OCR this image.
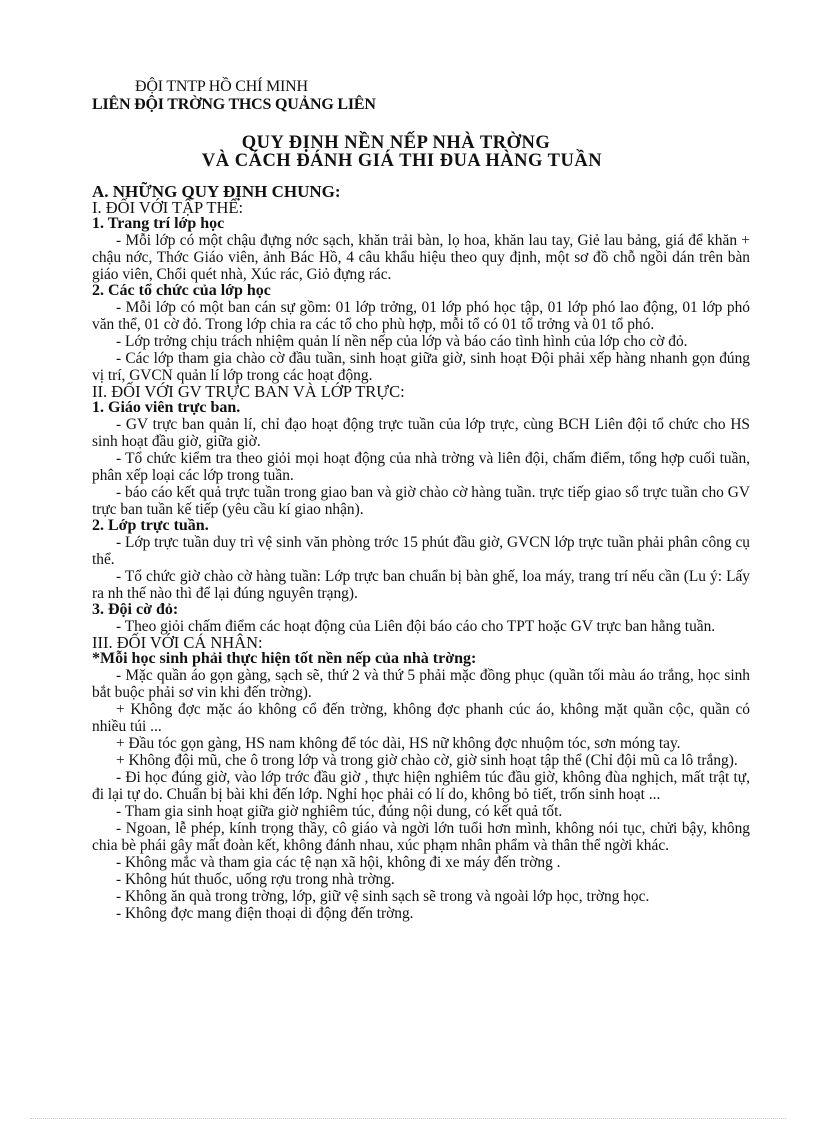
ĐỘI TNTP HỒ CHÍ MINH
LIÊN ĐỘI TRỜNG THCS QUẢNG LIÊN
QUY ĐỊNH NỀN NẾP NHÀ TRỜNG
VÀ CÁCH ĐÁNH GIÁ THI ĐUA HÀNG TUẦN
A. NHỮNG QUY ĐỊNH CHUNG:
I. ĐỐI VỚI TẬP THỂ:
1. Trang trí lớp học

- Mỗi lớp có một chậu đựng nớc sạch, khăn trải bàn, lọ hoa, khăn lau tay, Giẻ lau bảng, giá để khăn + chậu nớc, Thớc Giáo viên, ảnh Bác Hồ, 4 câu khẩu hiệu theo quy định, một sơ đồ chỗ ngồi dán trên bàn giáo viên, Chổi quét nhà, Xúc rác, Giỏ đựng rác.

2. Các tổ chức của lớp học

- Mỗi lớp có một ban cán sự gồm: 01 lớp trởng, 01 lớp phó học tập, 01 lớp phó lao động, 01 lớp phó văn thể, 01 cờ đỏ. Trong lớp chia ra các tổ cho phù hợp, mỗi tổ có 01 tổ trởng và 01 tổ phó.

- Lớp trởng chịu trách nhiệm quản lí nền nếp của lớp và báo cáo tình hình của lớp cho cờ đỏ.

- Các lớp tham gia chào cờ đầu tuần, sinh hoạt giữa giờ, sinh hoạt Đội phải xếp hàng nhanh gọn đúng vị trí, GVCN quản lí lớp trong các hoạt động.

II. ĐỐI VỚI GV TRỰC BAN VÀ LỚP TRỰC:
1. Giáo viên trực ban.

- GV trực ban quản lí, chỉ đạo hoạt động trực tuần của lớp trực, cùng BCH Liên đội tổ chức cho HS sinh hoạt đầu giờ, giữa giờ.

- Tổ chức kiểm tra theo giỏi mọi hoạt động của nhà trờng và liên đội, chấm điểm, tổng hợp cuối tuần, phân xếp loại các lớp trong tuần.

- báo cáo kết quả trực tuần trong giao ban và giờ chào cờ hàng tuần. trực tiếp giao sổ trực tuần cho GV trực ban tuần kế tiếp (yêu cầu kí giao nhận).

2. Lớp trực tuần.

- Lớp trực tuần duy trì vệ sinh văn phòng trớc 15 phút đầu giờ, GVCN lớp trực tuần phải phân công cụ thể.

- Tổ chức giờ chào cờ hàng tuần: Lớp trực ban chuẩn bị bàn ghế, loa máy, trang trí nếu cần (Lu ý: Lấy ra nh thế nào thì để lại đúng nguyên trạng).

3. Đội cờ đỏ:

- Theo giỏi chấm điểm các hoạt động của Liên đội báo cáo cho TPT hoặc GV trực ban hằng tuần.

III. ĐỐI VỚI CÁ NHÂN:
*Mỗi học sinh phải thực hiện tốt nền nếp của nhà trờng:

- Mặc quần áo gọn gàng, sạch sẽ, thứ 2 và thứ 5 phải mặc đồng phục (quần tối màu áo trắng, học sinh bắt buộc phải sơ vin khi đến trờng).

+ Không đợc mặc áo không cổ đến trờng, không đợc phanh cúc áo, không mặt quần cộc, quần có nhiều túi ...

+ Đầu tóc gọn gàng, HS nam không để tóc dài, HS nữ không đợc nhuộm tóc, sơn móng tay.

+ Không đội mũ, che ô trong lớp và trong giờ chào cờ, giờ sinh hoạt tập thể (Chỉ đội mũ ca lô trắng).

- Đi học đúng giờ, vào lớp trớc đầu giờ , thực hiện nghiêm túc đầu giờ, không đùa nghịch, mất trật tự, đi lại tự do. Chuẩn bị bài khi đến lớp. Nghỉ học phải có lí do, không bỏ tiết, trốn sinh hoạt ...

- Tham gia sinh hoạt giữa giờ nghiêm túc, đúng nội dung, có kết quả tốt.

- Ngoan, lễ phép, kính trọng thầy, cô giáo và ngời lớn tuổi hơn mình, không nói tục, chửi bậy, không chia bè phái gây mất đoàn kết, không đánh nhau, xúc phạm nhân phẩm và thân thể ngời khác.

- Không mắc và tham gia các tệ nạn xã hội, không đi xe máy đến trờng .

- Không hút thuốc, uống rợu trong nhà trờng.

- Không ăn quà trong trờng, lớp, giữ vệ sinh sạch sẽ trong và ngoài lớp học, trờng học.

- Không đợc mang điện thoại di động đến trờng.
